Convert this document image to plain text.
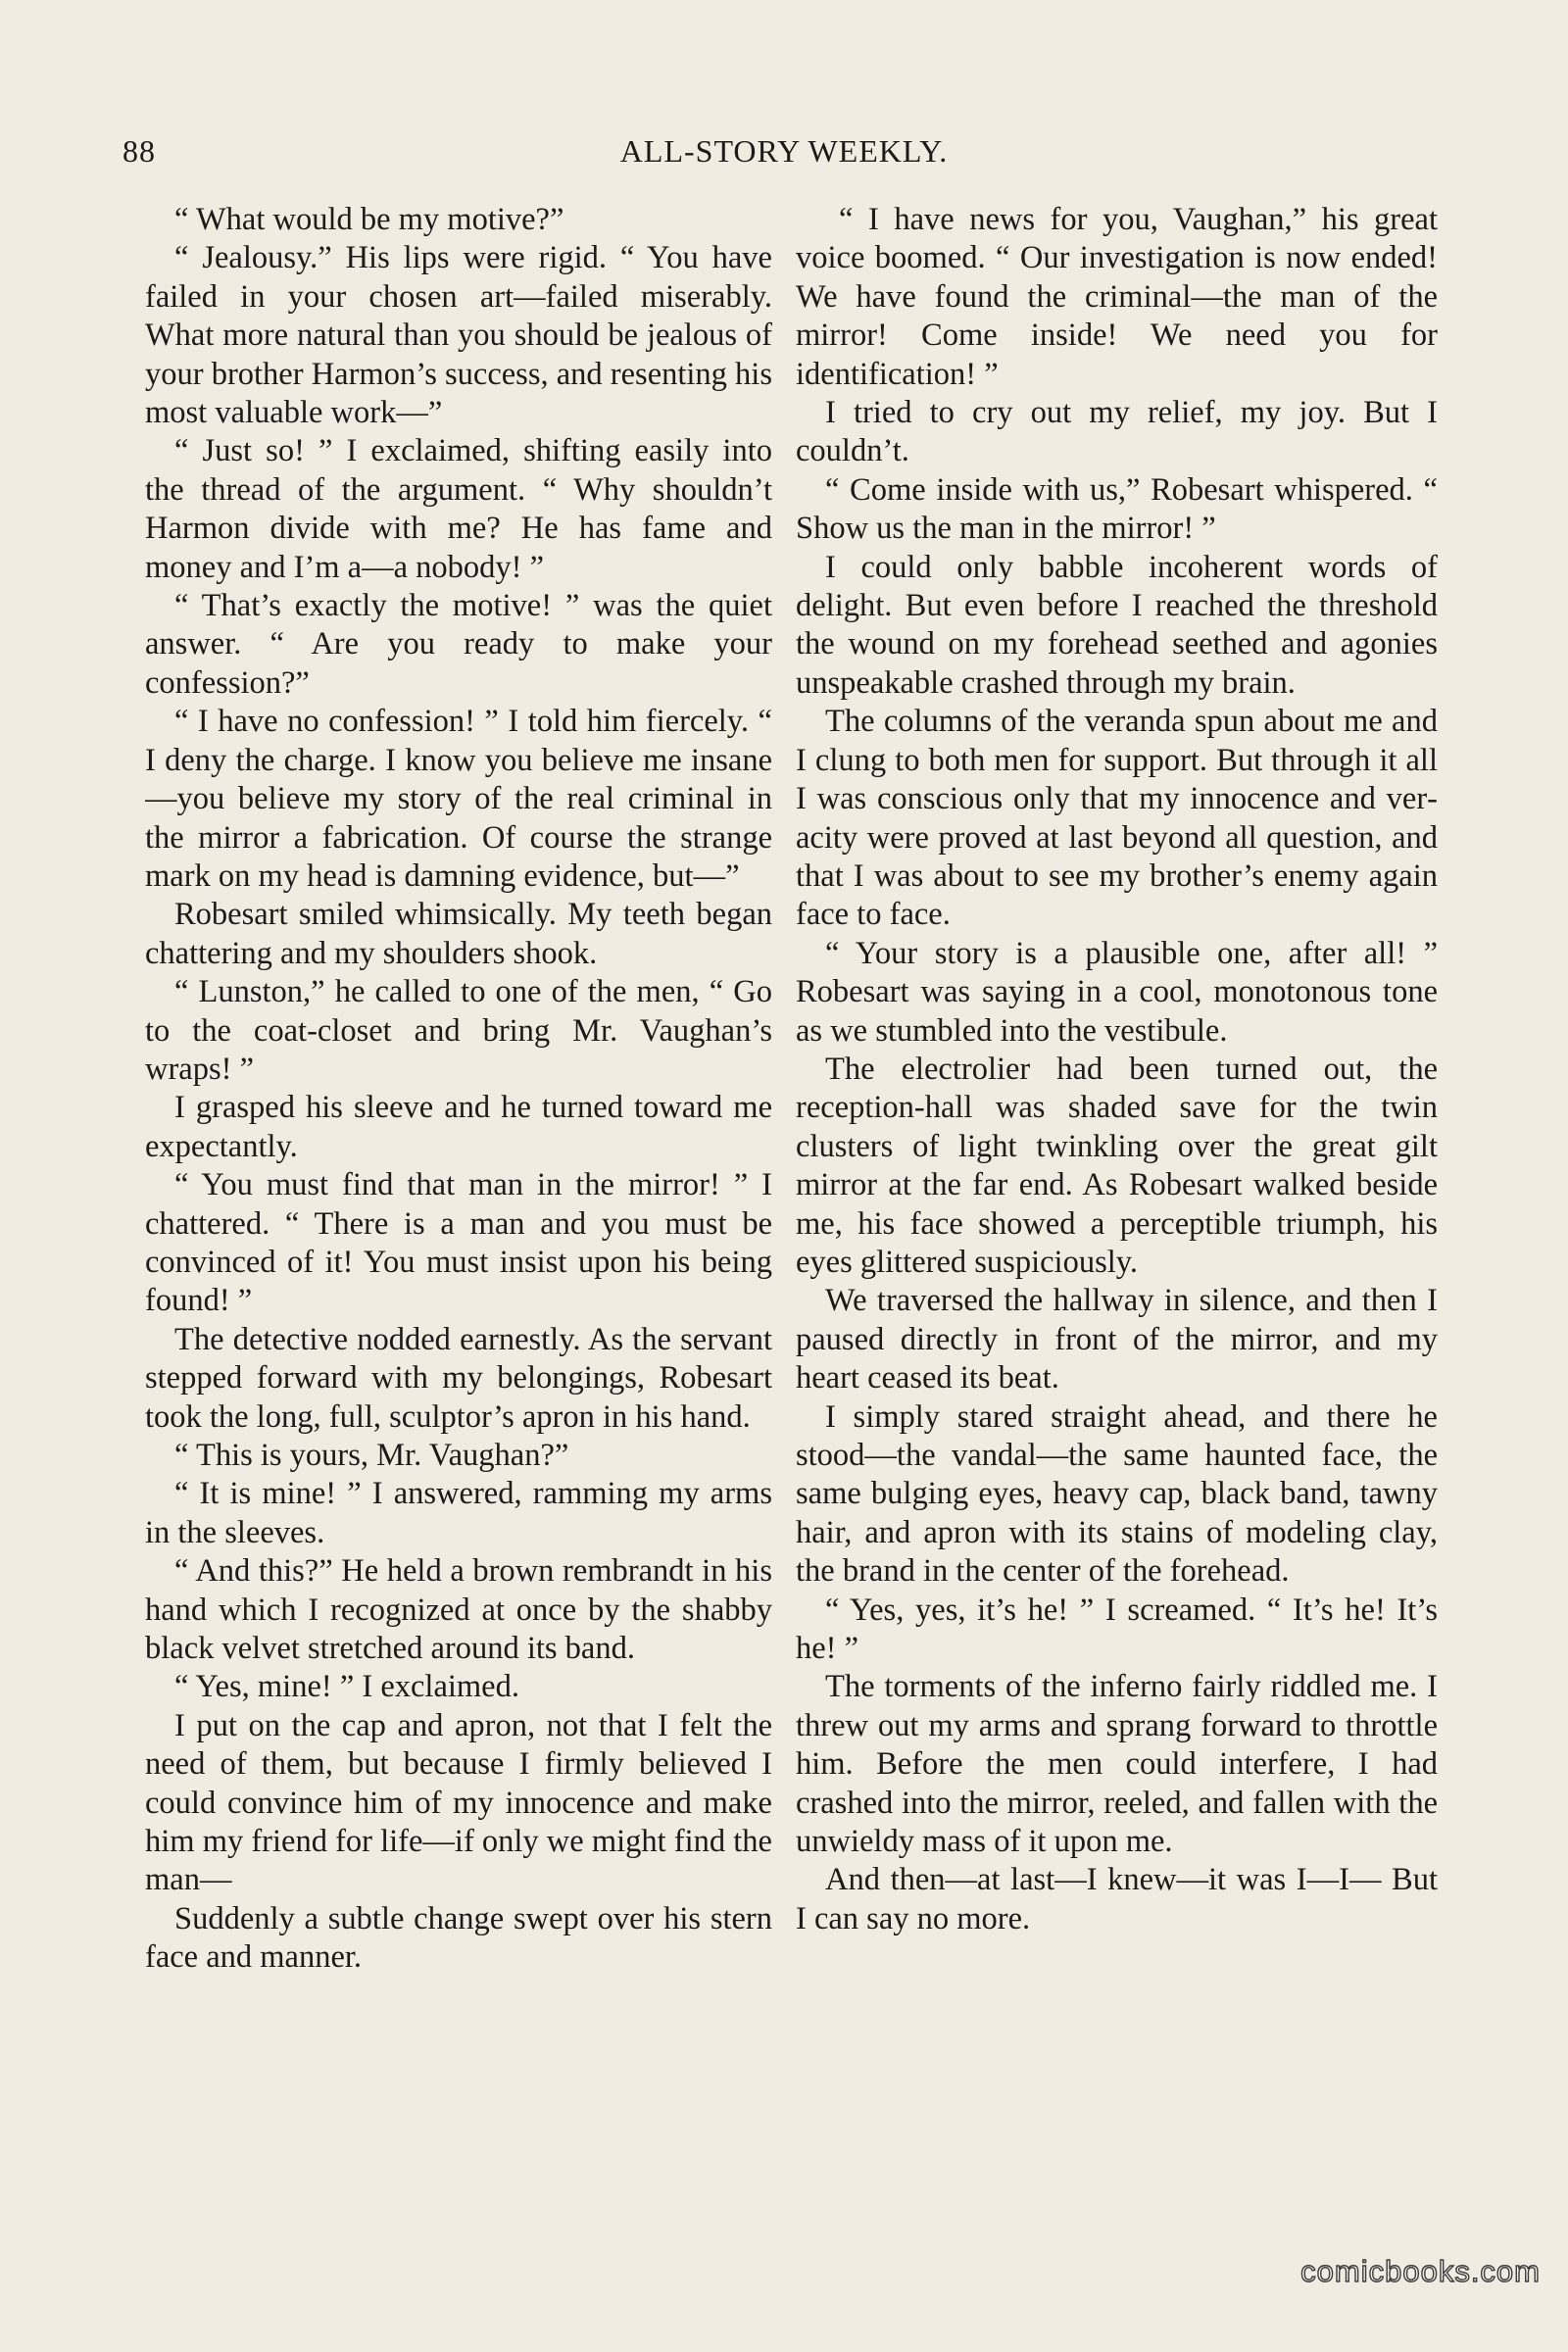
88	ALL-STORY WEEKLY.

“ What would be my motive?”

“ Jealousy.” His lips were rigid. “ You have failed in your chosen art—failed miserably. What more natural than you should be jealous of your brother Harmon’s success, and resenting his most valuable work—”

“ Just so! ” I exclaimed, shifting easily into the thread of the argument. “ Why shouldn’t Harmon divide with me? He has fame and money and I’m a—a nobody! ”

“ That’s exactly the motive! ” was the quiet answer. “ Are you ready to make your confession?”

“ I have no confession! ” I told him fiercely. “ I deny the charge. I know you believe me insane—you believe my story of the real criminal in the mirror a fabrication. Of course the strange mark on my head is damning evidence, but—”

Robesart smiled whimsically. My teeth began chattering and my shoulders shook.

“ Lunston,” he called to one of the men, “ Go to the coat-closet and bring Mr. Vaughan’s wraps! ”

I grasped his sleeve and he turned toward me expectantly.

“ You must find that man in the mirror! ” I chattered. “ There is a man and you must be convinced of it! You must insist upon his being found! ”

The detective nodded earnestly. As the servant stepped forward with my belongings, Robesart took the long, full, sculptor’s apron in his hand.

“ This is yours, Mr. Vaughan?”

“ It is mine! ” I answered, ramming my arms in the sleeves.

“ And this?” He held a brown rembrandt in his hand which I recognized at once by the shabby black velvet stretched around its band.

“ Yes, mine! ” I exclaimed.

I put on the cap and apron, not that I felt the need of them, but because I firmly believed I could convince him of my innocence and make him my friend for life—if only we might find the man—

Suddenly a subtle change swept over his stern face and manner.

“ I have news for you, Vaughan,” his great voice boomed. “ Our investigation is now ended! We have found the criminal—the man of the mirror! Come inside! We need you for identification! ”

I tried to cry out my relief, my joy. But I couldn’t.

“ Come inside with us,” Robesart whispered. “ Show us the man in the mirror! ”

I could only babble incoherent words of delight. But even before I reached the threshold the wound on my forehead seethed and agonies unspeakable crashed through my brain.

The columns of the veranda spun about me and I clung to both men for support. But through it all I was conscious only that my innocence and veracity were proved at last beyond all question, and that I was about to see my brother’s enemy again face to face.

“ Your story is a plausible one, after all! ” Robesart was saying in a cool, monotonous tone as we stumbled into the vestibule.

The electrolier had been turned out, the reception-hall was shaded save for the twin clusters of light twinkling over the great gilt mirror at the far end. As Robesart walked beside me, his face showed a perceptible triumph, his eyes glittered suspiciously.

We traversed the hallway in silence, and then I paused directly in front of the mirror, and my heart ceased its beat.

I simply stared straight ahead, and there he stood—the vandal—the same haunted face, the same bulging eyes, heavy cap, black band, tawny hair, and apron with its stains of modeling clay, the brand in the center of the forehead.

“ Yes, yes, it’s he! ” I screamed. “ It’s he! It’s he! ”

The torments of the inferno fairly riddled me. I threw out my arms and sprang forward to throttle him. Before the men could interfere, I had crashed into the mirror, reeled, and fallen with the unwieldy mass of it upon me.

And then—at last—I knew—it was I—I— But I can say no more.

comicbooks.com
